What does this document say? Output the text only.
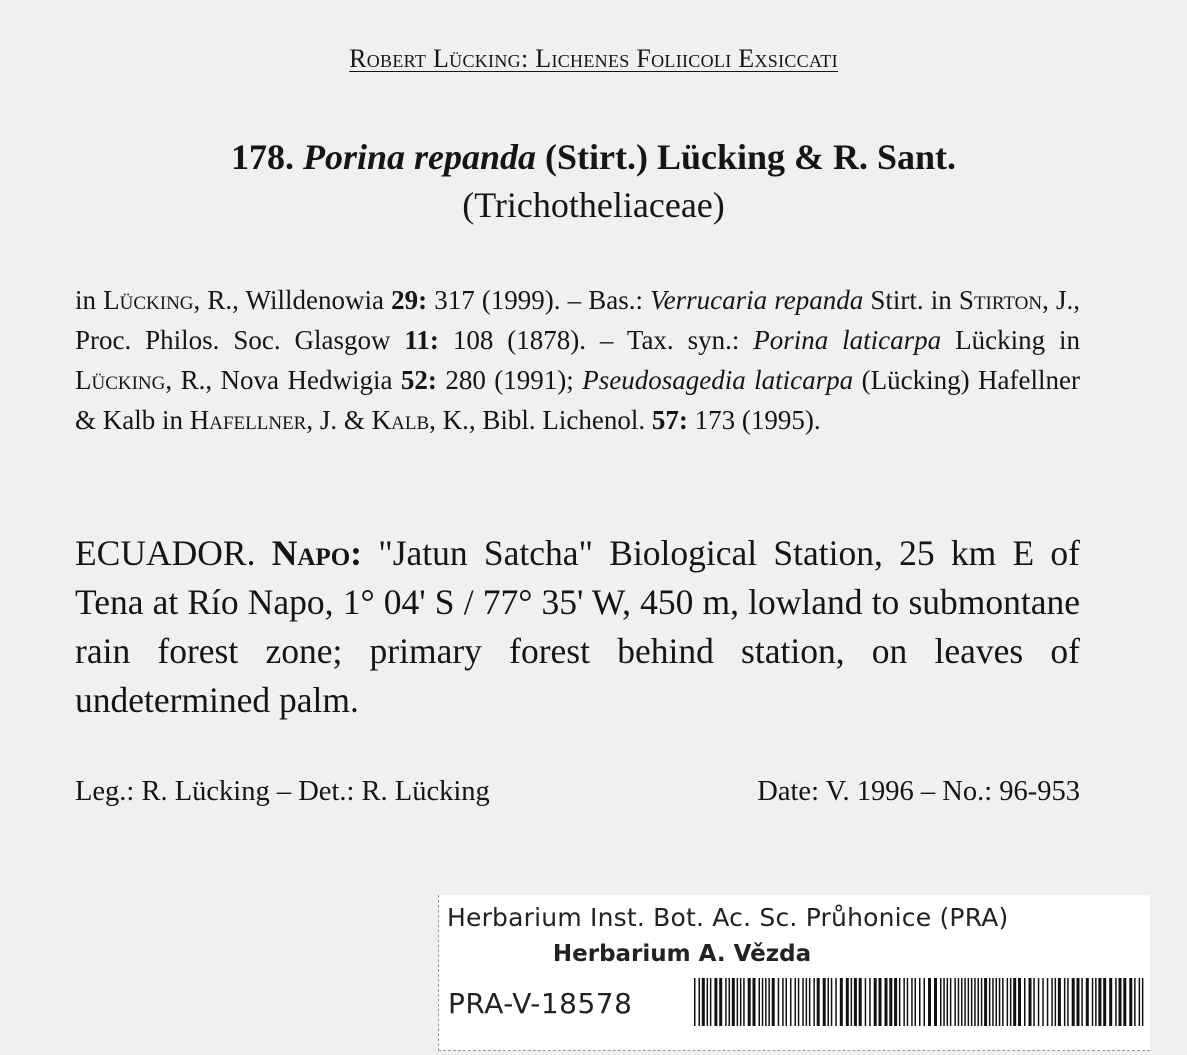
Robert Lücking: Lichenes Foliicoli Exsiccati
178. Porina repanda (Stirt.) Lücking & R. Sant.
(Trichotheliaceae)
in Lücking, R., Willdenowia 29: 317 (1999). – Bas.: Verrucaria repanda Stirt. in Stirton, J., Proc. Philos. Soc. Glasgow 11: 108 (1878). – Tax. syn.: Porina laticarpa Lücking in Lücking, R., Nova Hedwigia 52: 280 (1991); Pseudosagedia laticarpa (Lücking) Hafellner & Kalb in Hafellner, J. & Kalb, K., Bibl. Lichenol. 57: 173 (1995).
ECUADOR. Napo: "Jatun Satcha" Biological Station, 25 km E of Tena at Río Napo, 1° 04' S / 77° 35' W, 450 m, lowland to submontane rain forest zone; primary forest behind station, on leaves of undetermined palm.
Leg.: R. Lücking – Det.: R. Lücking	Date: V. 1996 – No.: 96-953
Herbarium Inst. Bot. Ac. Sc. Průhonice (PRA)
Herbarium A. Vězda
PRA-V-18578
